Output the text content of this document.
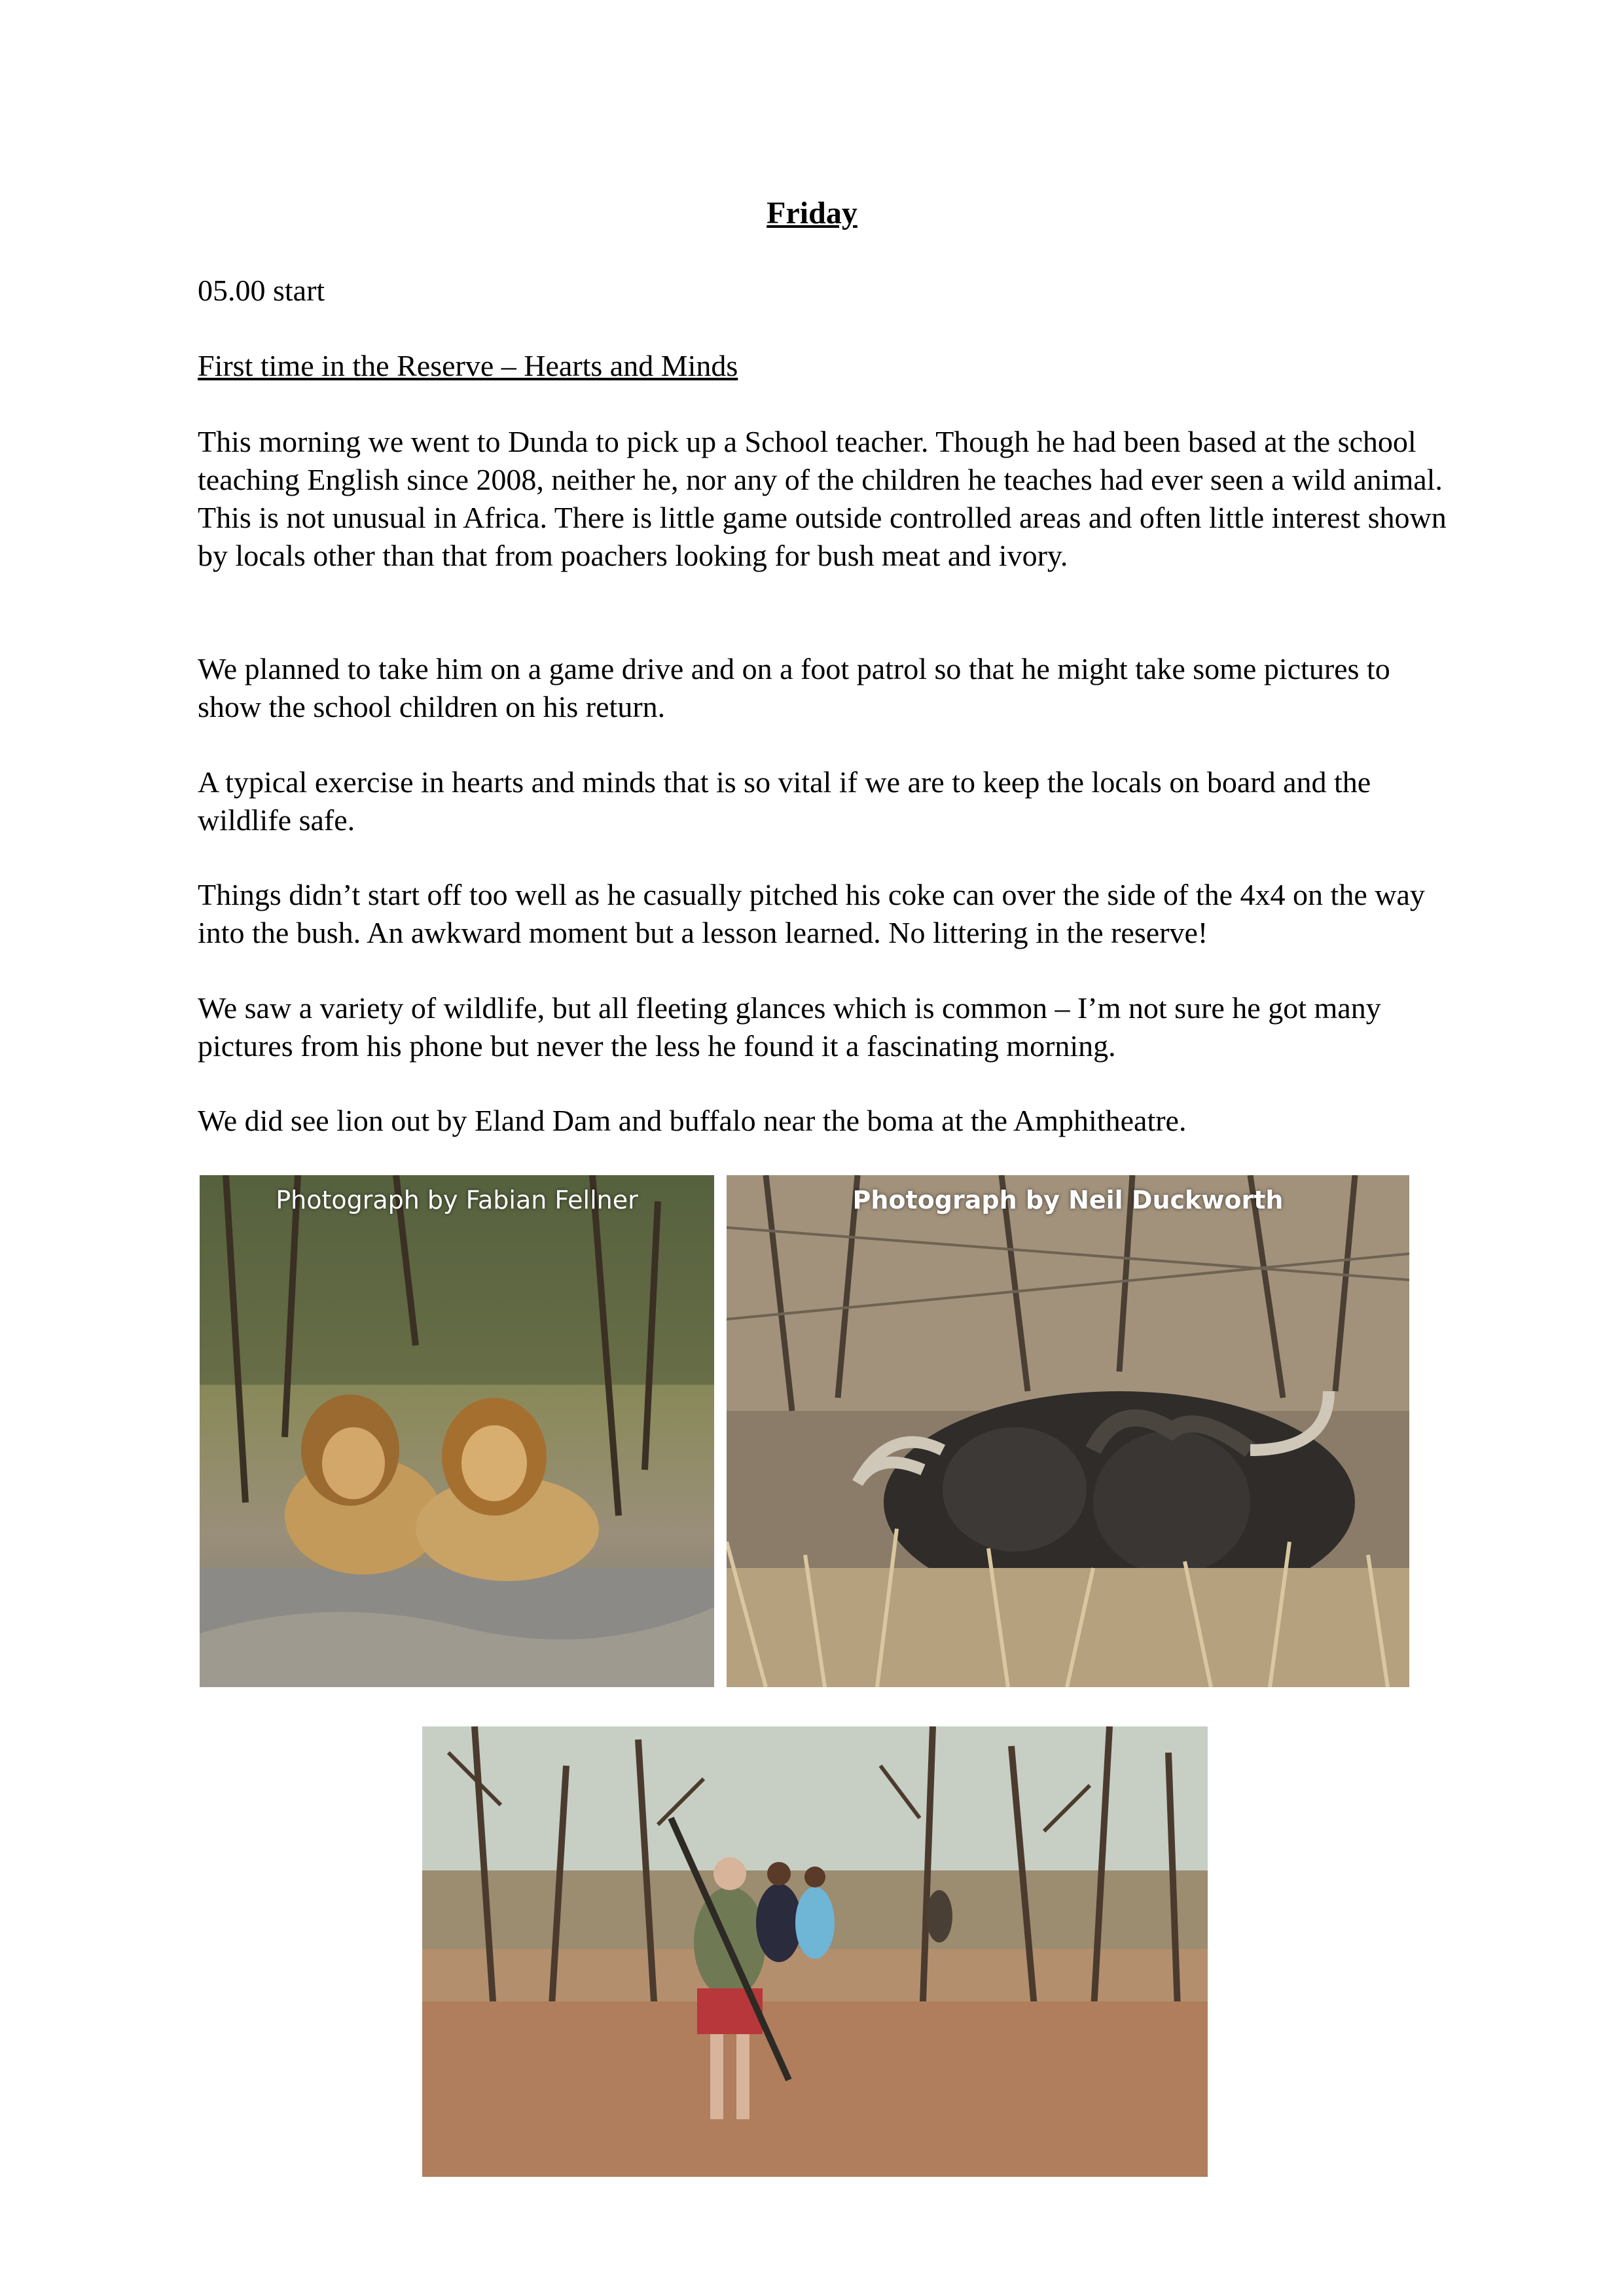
Friday

05.00 start

First time in the Reserve – Hearts and Minds

This morning we went to Dunda to pick up a School teacher. Though he had been based at the school teaching English since 2008, neither he, nor any of the children he teaches had ever seen a wild animal. This is not unusual in Africa. There is little game outside controlled areas and often little interest shown by locals other than that from poachers looking for bush meat and ivory.

We planned to take him on a game drive and on a foot patrol so that he might take some pictures to show the school children on his return.

A typical exercise in hearts and minds that is so vital if we are to keep the locals on board and the wildlife safe.

Things didn’t start off too well as he casually pitched his coke can over the side of the 4x4 on the way into the bush. An awkward moment but a lesson learned. No littering in the reserve!

We saw a variety of wildlife, but all fleeting glances which is common – I’m not sure he got many pictures from his phone but never the less he found it a fascinating morning.

We did see lion out by Eland Dam and buffalo near the boma at the Amphitheatre.

Photograph by Fabian Fellner	Photograph by Neil Duckworth
